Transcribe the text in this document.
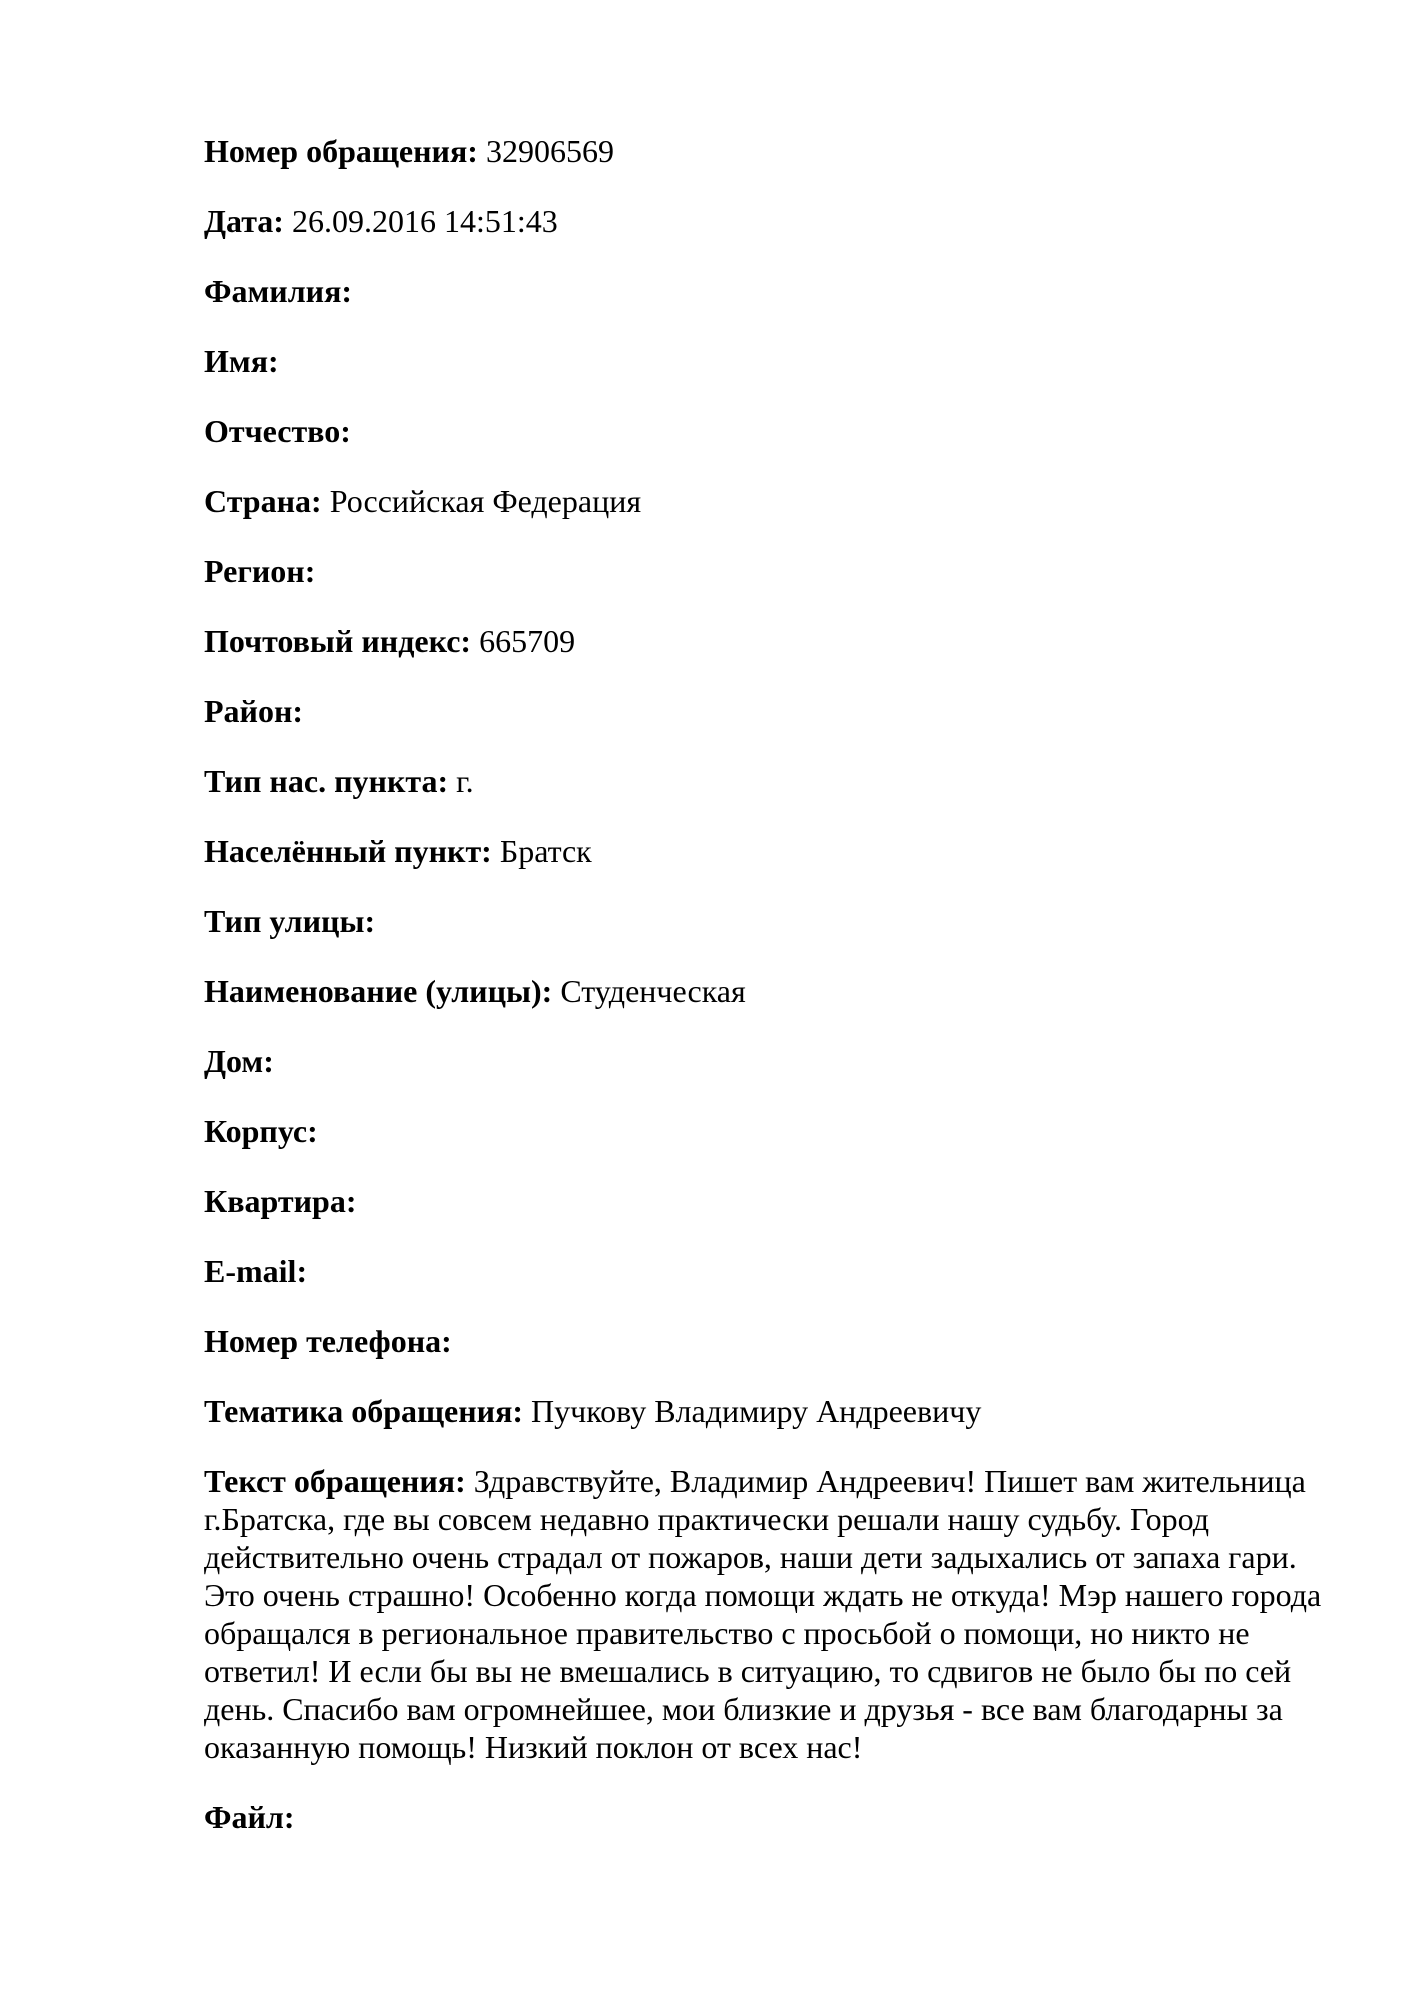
Номер обращения: 32906569

Дата: 26.09.2016 14:51:43

Фамилия:

Имя:

Отчество:

Страна: Российская Федерация

Регион:

Почтовый индекс: 665709

Район:

Тип нас. пункта: г.

Населённый пункт: Братск

Тип улицы:

Наименование (улицы): Студенческая

Дом:

Корпус:

Квартира:

E-mail:

Номер телефона:

Тематика обращения: Пучкову Владимиру Андреевичу

Текст обращения: Здравствуйте, Владимир Андреевич! Пишет вам жительница г.Братска, где вы совсем недавно практически решали нашу судьбу. Город действительно очень страдал от пожаров, наши дети задыхались от запаха гари. Это очень страшно! Особенно когда помощи ждать не откуда! Мэр нашего города обращался в региональное правительство с просьбой о помощи, но никто не ответил! И если бы вы не вмешались в ситуацию, то сдвигов не было бы по сей день. Спасибо вам огромнейшее, мои близкие и друзья - все вам благодарны за оказанную помощь! Низкий поклон от всех нас!

Файл:
